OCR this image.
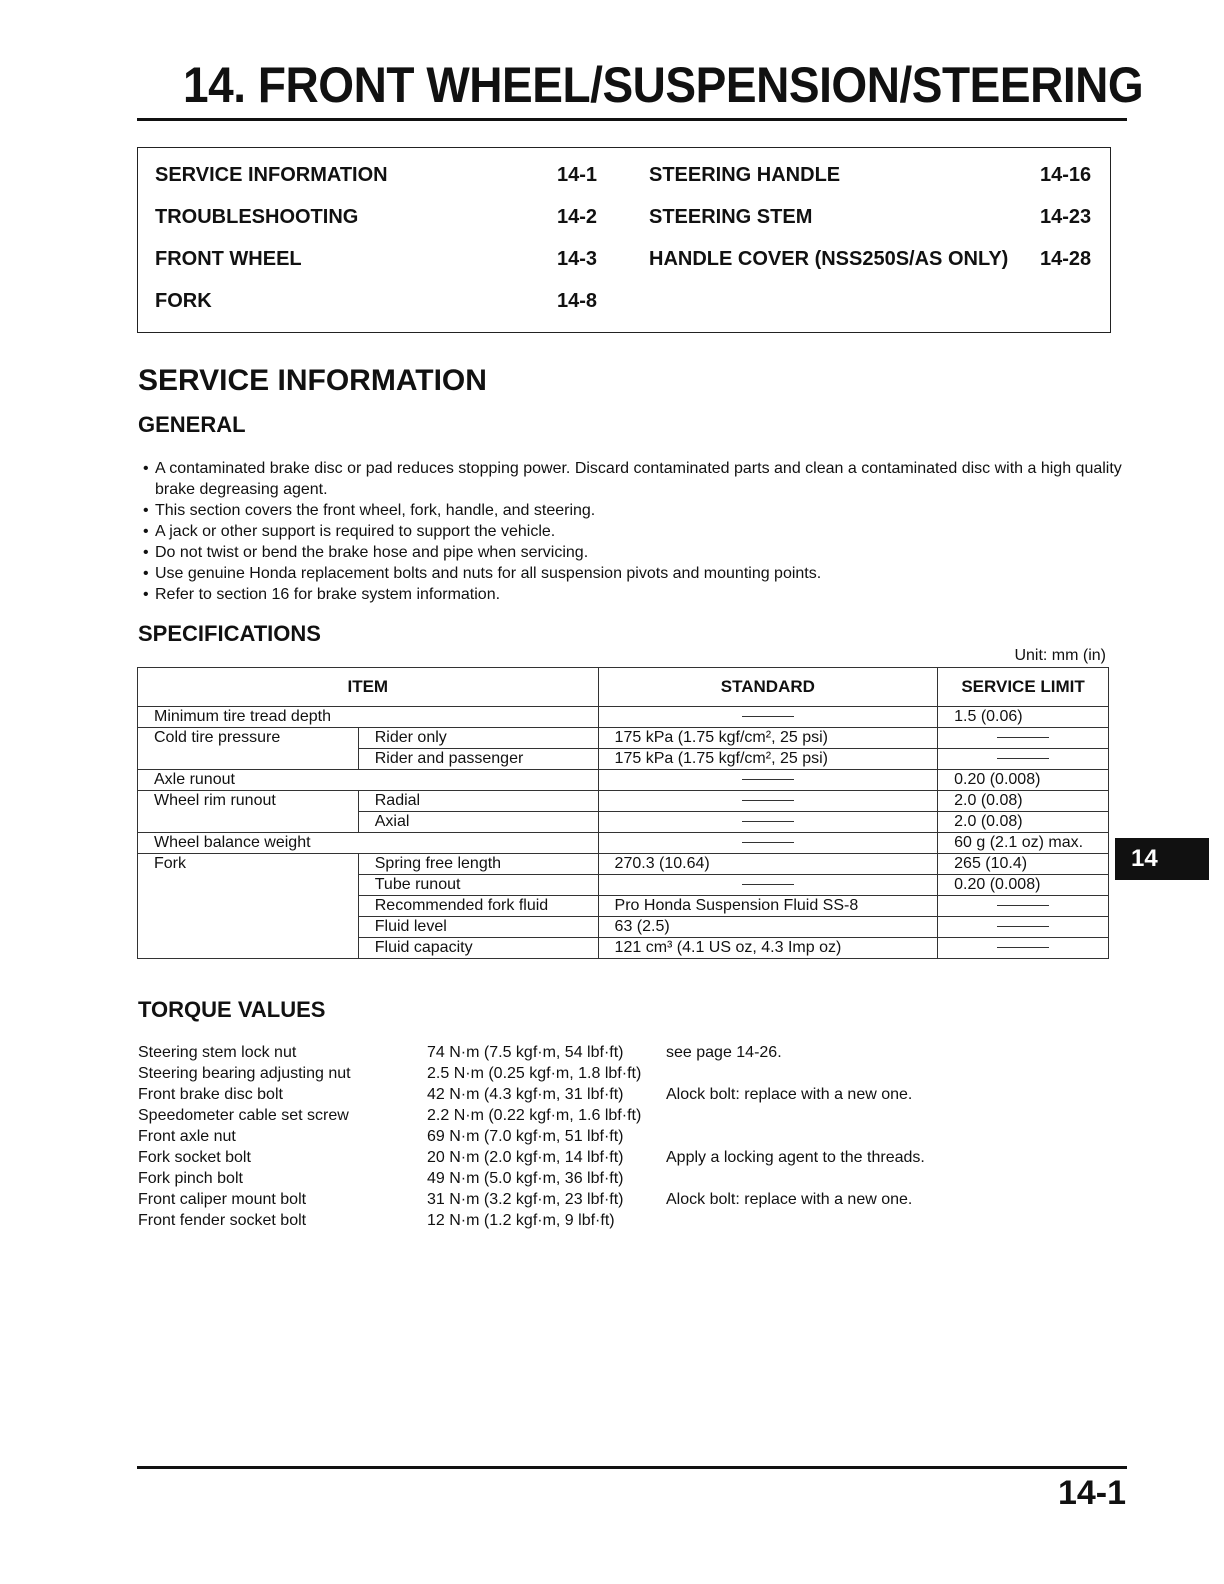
14. FRONT WHEEL/SUSPENSION/STEERING
SERVICE INFORMATION	14-1
TROUBLESHOOTING	14-2
FRONT WHEEL	14-3
FORK	14-8
STEERING HANDLE	14-16
STEERING STEM	14-23
HANDLE COVER (NSS250S/AS ONLY) 14-28
SERVICE INFORMATION
GENERAL
• A contaminated brake disc or pad reduces stopping power. Discard contaminated parts and clean a contaminated disc with a high quality brake degreasing agent.
• This section covers the front wheel, fork, handle, and steering.
• A jack or other support is required to support the vehicle.
• Do not twist or bend the brake hose and pipe when servicing.
• Use genuine Honda replacement bolts and nuts for all suspension pivots and mounting points.
• Refer to section 16 for brake system information.
SPECIFICATIONS
Unit: mm (in)
ITEM		STANDARD	SERVICE LIMIT
Minimum tire tread depth			1.5 (0.06)
Cold tire pressure	Rider only	175 kPa (1.75 kgf/cm², 25 psi)	
	Rider and passenger	175 kPa (1.75 kgf/cm², 25 psi)	
Axle runout			0.20 (0.008)
Wheel rim runout	Radial		2.0 (0.08)
	Axial		2.0 (0.08)
Wheel balance weight			60 g (2.1 oz) max.
Fork	Spring free length	270.3 (10.64)	265 (10.4)
	Tube runout		0.20 (0.008)
	Recommended fork fluid	Pro Honda Suspension Fluid SS-8	
	Fluid level	63 (2.5)	
	Fluid capacity	121 cm³ (4.1 US oz, 4.3 Imp oz)	
14
TORQUE VALUES
Steering stem lock nut	74 N·m (7.5 kgf·m, 54 lbf·ft)	see page 14-26.
Steering bearing adjusting nut	2.5 N·m (0.25 kgf·m, 1.8 lbf·ft)
Front brake disc bolt	42 N·m (4.3 kgf·m, 31 lbf·ft)	Alock bolt: replace with a new one.
Speedometer cable set screw	2.2 N·m (0.22 kgf·m, 1.6 lbf·ft)
Front axle nut	69 N·m (7.0 kgf·m, 51 lbf·ft)
Fork socket bolt	20 N·m (2.0 kgf·m, 14 lbf·ft)	Apply a locking agent to the threads.
Fork pinch bolt	49 N·m (5.0 kgf·m, 36 lbf·ft)
Front caliper mount bolt	31 N·m (3.2 kgf·m, 23 lbf·ft)	Alock bolt: replace with a new one.
Front fender socket bolt	12 N·m (1.2 kgf·m, 9 lbf·ft)
14-1
